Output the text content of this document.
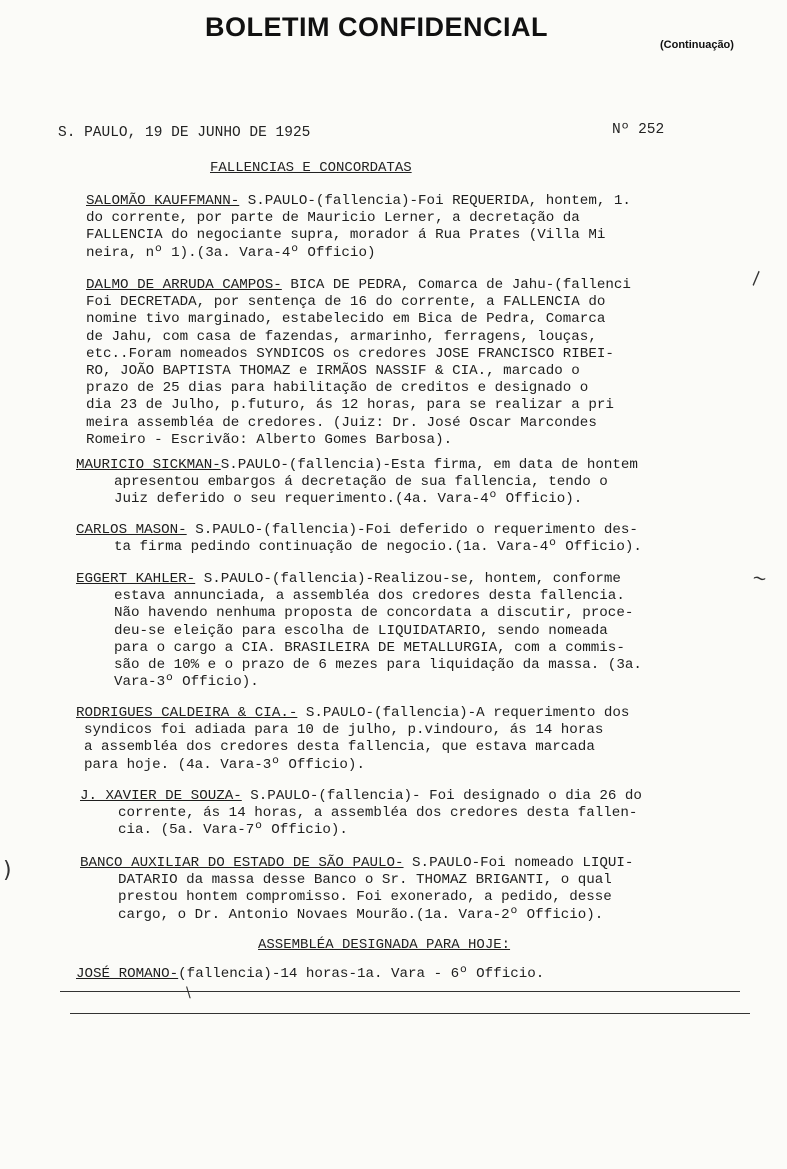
BOLETIM CONFIDENCIAL
(Continuação)
S. PAULO, 19 DE JUNHO DE 1925	Nº 252
FALLENCIAS E CONCORDATAS
SALOMÃO KAUFFMANN- S.PAULO-(fallencia)-Foi REQUERIDA, hontem, 1.
do corrente, por parte de Mauricio Lerner, a decretação da
FALLENCIA do negociante supra, morador á Rua Prates (Villa Mi
neira, nº 1).(3a. Vara-4º Officio)
DALMO DE ARRUDA CAMPOS- BICA DE PEDRA, Comarca de Jahu-(fallenci
Foi DECRETADA, por sentença de 16 do corrente, a FALLENCIA do
nomine tivo marginado, estabelecido em Bica de Pedra, Comarca
de Jahu, com casa de fazendas, armarinho, ferragens, louças,
etc..Foram nomeados SYNDICOS os credores JOSE FRANCISCO RIBEI-
RO, JOÃO BAPTISTA THOMAZ e IRMÃOS NASSIF & CIA., marcado o
prazo de 25 dias para habilitação de creditos e designado o
dia 23 de Julho, p.futuro, ás 12 horas, para se realizar a pri
meira assembléa de credores. (Juiz: Dr. José Oscar Marcondes
Romeiro - Escrivão: Alberto Gomes Barbosa).
MAURICIO SICKMAN-S.PAULO-(fallencia)-Esta firma, em data de hontem
apresentou embargos á decretação de sua fallencia, tendo o
Juiz deferido o seu requerimento.(4a. Vara-4º Officio).
CARLOS MASON- S.PAULO-(fallencia)-Foi deferido o requerimento des-
ta firma pedindo continuação de negocio.(1a. Vara-4º Officio).
EGGERT KAHLER- S.PAULO-(fallencia)-Realizou-se, hontem, conforme
estava annunciada, a assembléa dos credores desta fallencia.
Não havendo nenhuma proposta de concordata a discutir, proce-
deu-se eleição para escolha de LIQUIDATARIO, sendo nomeada
para o cargo a CIA. BRASILEIRA DE METALLURGIA, com a commis-
são de 10% e o prazo de 6 mezes para liquidação da massa. (3a.
Vara-3º Officio).
RODRIGUES CALDEIRA & CIA.- S.PAULO-(fallencia)-A requerimento dos
syndicos foi adiada para 10 de julho, p.vindouro, ás 14 horas
a assembléa dos credores desta fallencia, que estava marcada
para hoje. (4a. Vara-3º Officio).
J. XAVIER DE SOUZA- S.PAULO-(fallencia)- Foi designado o dia 26 do
corrente, ás 14 horas, a assembléa dos credores desta fallen-
cia. (5a. Vara-7º Officio).
BANCO AUXILIAR DO ESTADO DE SÃO PAULO- S.PAULO-Foi nomeado LIQUI-
DATARIO da massa desse Banco o Sr. THOMAZ BRIGANTI, o qual
prestou hontem compromisso. Foi exonerado, a pedido, desse
cargo, o Dr. Antonio Novaes Mourão.(1a. Vara-2º Officio).
ASSEMBLÉA DESIGNADA PARA HOJE:
JOSÉ ROMANO-(fallencia)-14 horas-1a. Vara - 6º Officio.
)
~
\
\
